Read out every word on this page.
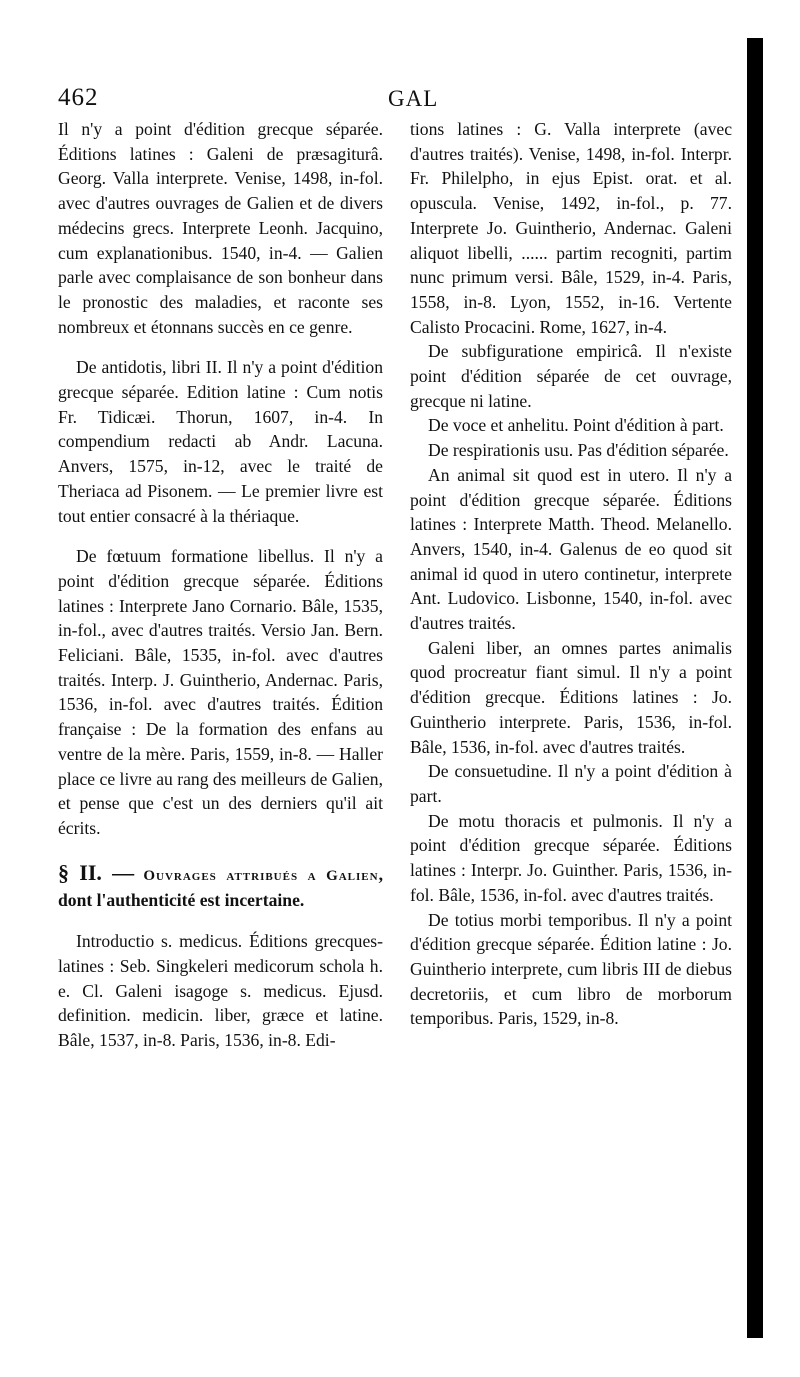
462	GAL

Il n'y a point d'édition grecque séparée. Éditions latines : Galeni de præsagiturâ. Georg. Valla interprete. Venise, 1498, in-fol. avec d'autres ouvrages de Galien et de divers médecins grecs. Interprete Leonh. Jacquino, cum explanationibus. 1540, in-4. — Galien parle avec complaisance de son bonheur dans le pronostic des maladies, et raconte ses nombreux et étonnans succès en ce genre.

De antidotis, libri II. Il n'y a point d'édition grecque séparée. Edition latine : Cum notis Fr. Tidicæi. Thorun, 1607, in-4. In compendium redacti ab Andr. Lacuna. Anvers, 1575, in-12, avec le traité de Theriaca ad Pisonem. — Le premier livre est tout entier consacré à la thériaque.

De fœtuum formatione libellus. Il n'y a point d'édition grecque séparée. Éditions latines : Interprete Jano Cornario. Bâle, 1535, in-fol., avec d'autres traités. Versio Jan. Bern. Feliciani. Bâle, 1535, in-fol. avec d'autres traités. Interp. J. Guintherio, Andernac. Paris, 1536, in-fol. avec d'autres traités. Édition française : De la formation des enfans au ventre de la mère. Paris, 1559, in-8. — Haller place ce livre au rang des meilleurs de Galien, et pense que c'est un des derniers qu'il ait écrits.

§ II. — Ouvrages attribués a Galien, dont l'authenticité est incertaine.

Introductio s. medicus. Éditions grecques-latines : Seb. Singkeleri medicorum schola h. e. Cl. Galeni isagoge s. medicus. Ejusd. definition. medicin. liber, græce et latine. Bâle, 1537, in-8. Paris, 1536, in-8. Edi-

tions latines : G. Valla interprete (avec d'autres traités). Venise, 1498, in-fol. Interpr. Fr. Philelpho, in ejus Epist. orat. et al. opuscula. Venise, 1492, in-fol., p. 77. Interprete Jo. Guintherio, Andernac. Galeni aliquot libelli, ...... partim recogniti, partim nunc primum versi. Bâle, 1529, in-4. Paris, 1558, in-8. Lyon, 1552, in-16. Vertente Calisto Procacini. Rome, 1627, in-4.

De subfiguratione empiricâ. Il n'existe point d'édition séparée de cet ouvrage, grecque ni latine.

De voce et anhelitu. Point d'édition à part.

De respirationis usu. Pas d'édition séparée.

An animal sit quod est in utero. Il n'y a point d'édition grecque séparée. Éditions latines : Interprete Matth. Theod. Melanello. Anvers, 1540, in-4. Galenus de eo quod sit animal id quod in utero continetur, interprete Ant. Ludovico. Lisbonne, 1540, in-fol. avec d'autres traités.

Galeni liber, an omnes partes animalis quod procreatur fiant simul. Il n'y a point d'édition grecque. Éditions latines : Jo. Guintherio interprete. Paris, 1536, in-fol. Bâle, 1536, in-fol. avec d'autres traités.

De consuetudine. Il n'y a point d'édition à part.

De motu thoracis et pulmonis. Il n'y a point d'édition grecque séparée. Éditions latines : Interpr. Jo. Guinther. Paris, 1536, in-fol. Bâle, 1536, in-fol. avec d'autres traités.

De totius morbi temporibus. Il n'y a point d'édition grecque séparée. Édition latine : Jo. Guintherio interprete, cum libris III de diebus decretoriis, et cum libro de morborum temporibus. Paris, 1529, in-8.
